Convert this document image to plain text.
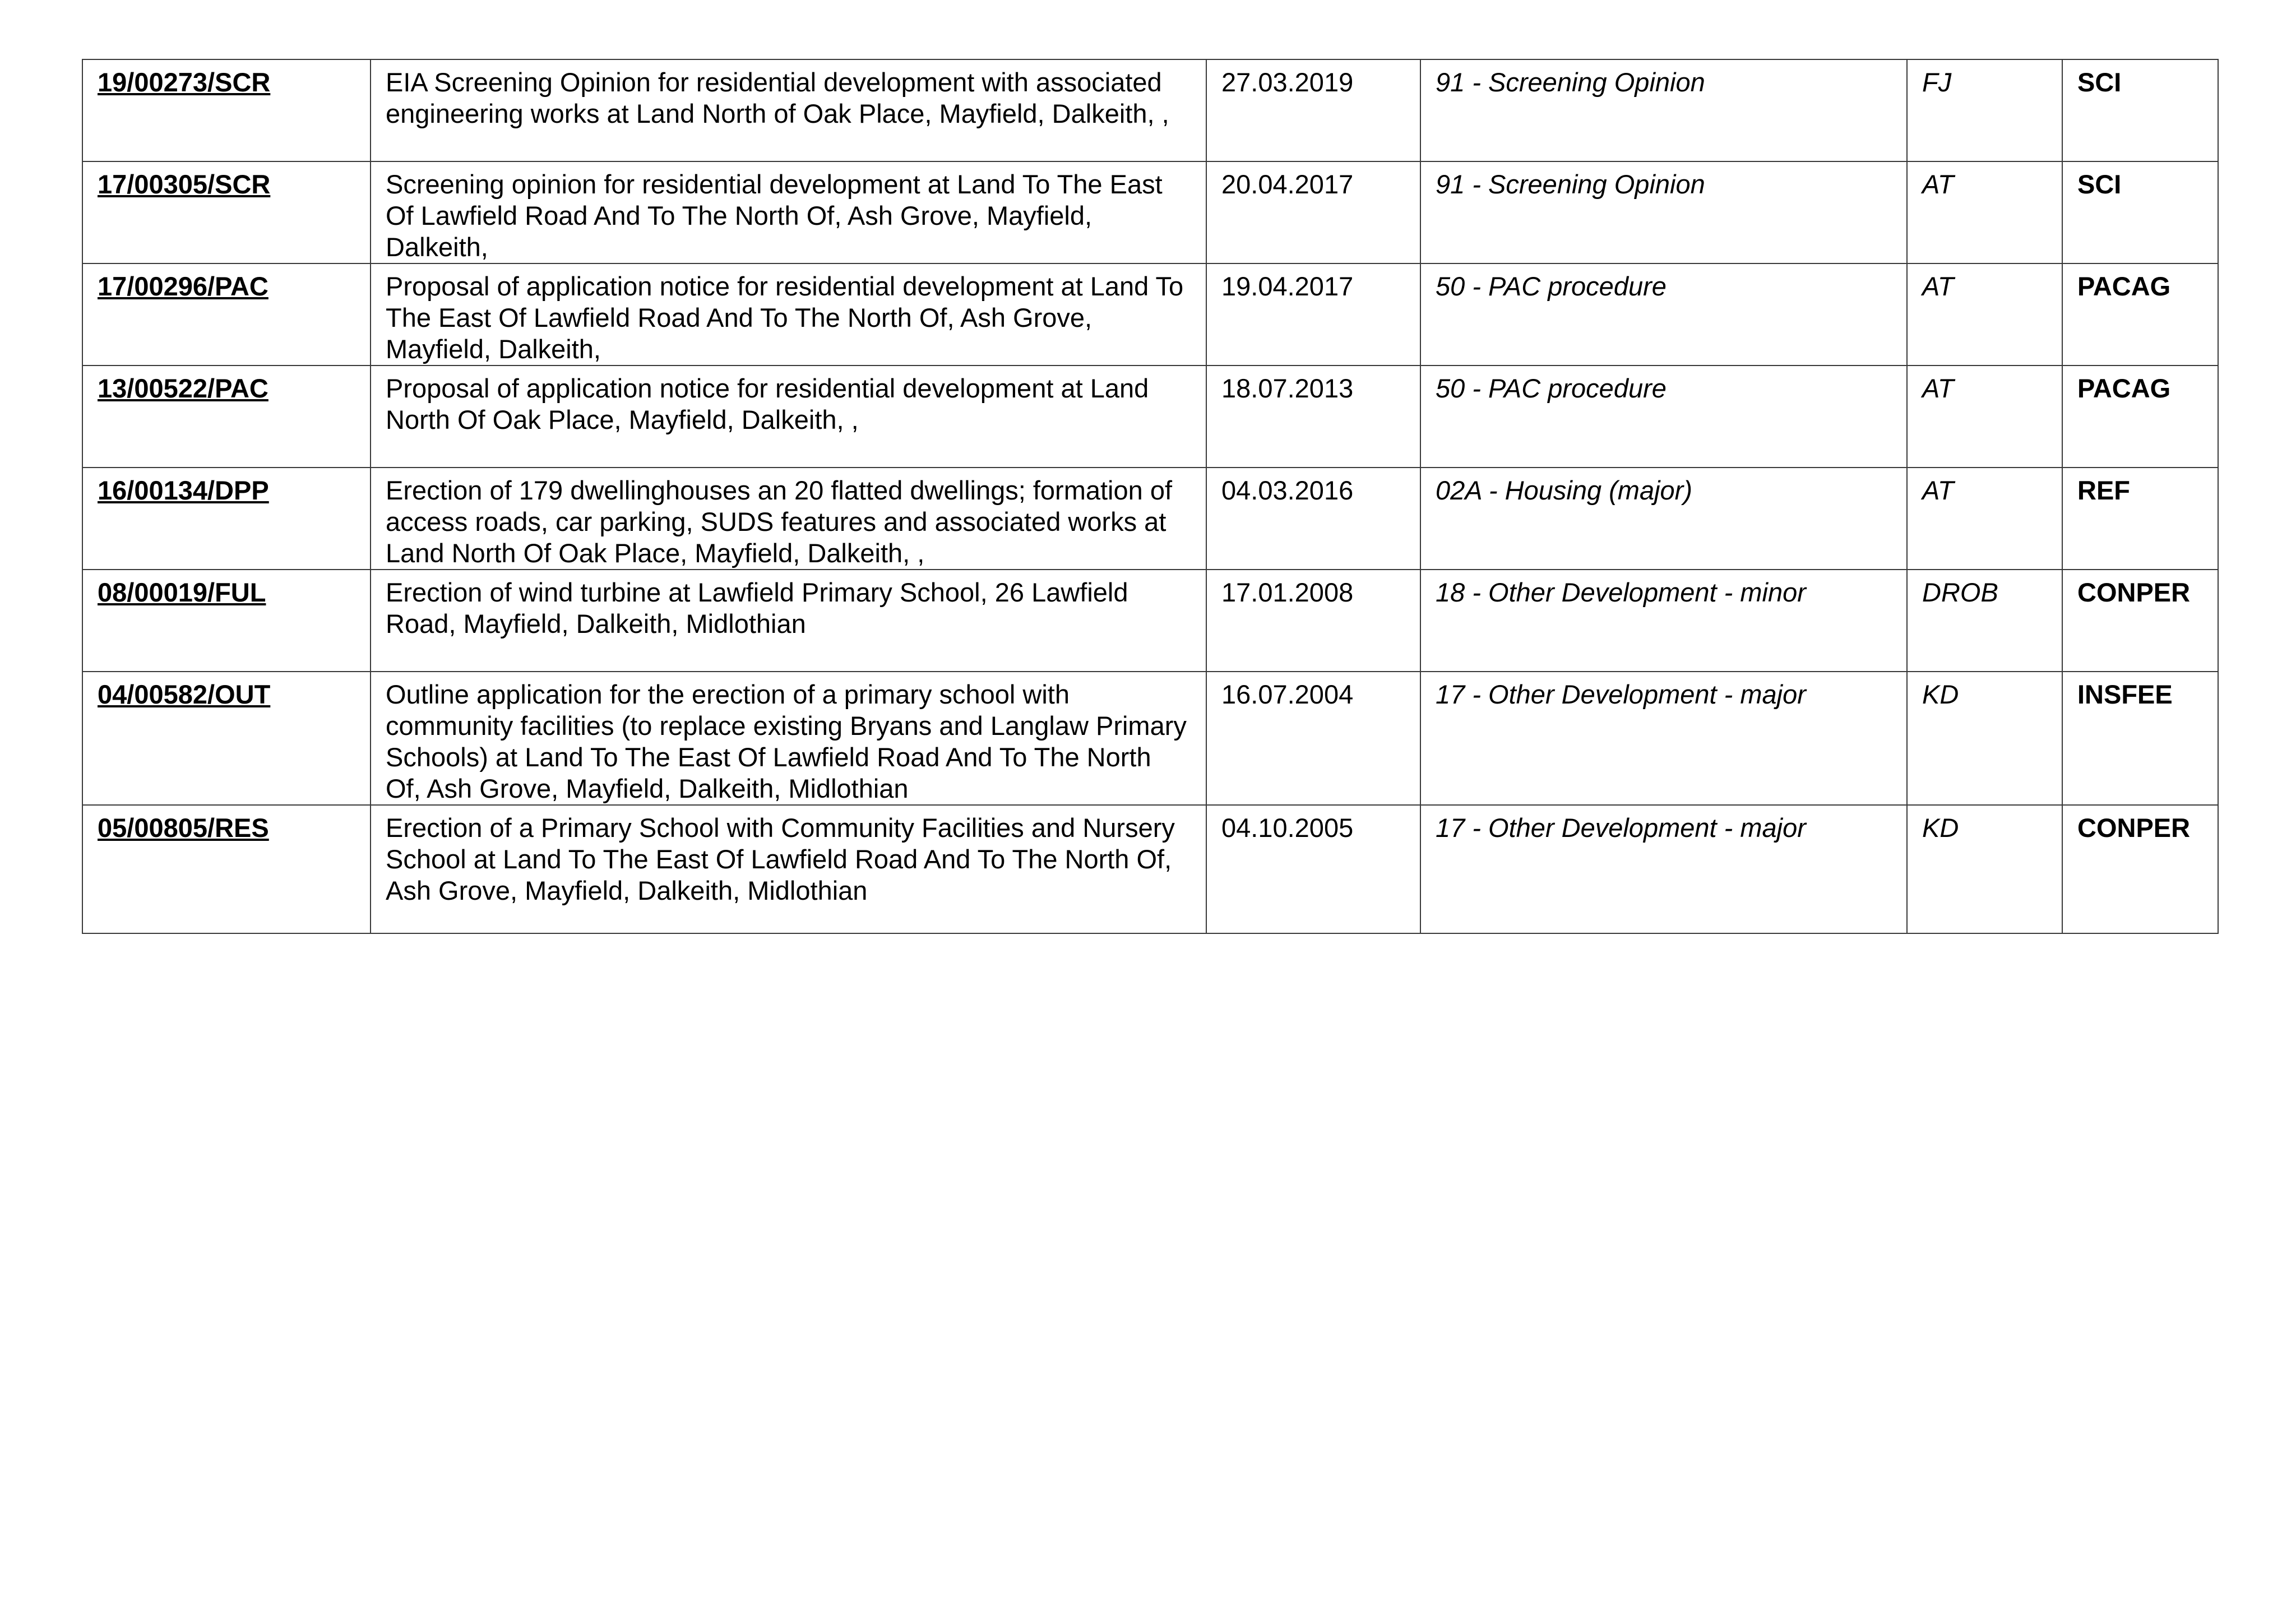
19/00273/SCR	EIA Screening Opinion for residential development with associated engineering works at Land North of Oak Place, Mayfield, Dalkeith, ,	27.03.2019	91 - Screening Opinion	FJ	SCI
17/00305/SCR	Screening opinion for residential development at Land To The East Of Lawfield Road And To The North Of, Ash Grove, Mayfield, Dalkeith,	20.04.2017	91 - Screening Opinion	AT	SCI
17/00296/PAC	Proposal of application notice for residential development at Land To The East Of Lawfield Road And To The North Of, Ash Grove, Mayfield, Dalkeith,	19.04.2017	50 - PAC procedure	AT	PACAG
13/00522/PAC	Proposal of application notice for residential development at Land North Of Oak Place, Mayfield, Dalkeith, ,	18.07.2013	50 - PAC procedure	AT	PACAG
16/00134/DPP	Erection of 179 dwellinghouses an 20 flatted dwellings; formation of access roads, car parking, SUDS features and associated works at Land North Of Oak Place, Mayfield, Dalkeith, ,	04.03.2016	02A - Housing (major)	AT	REF
08/00019/FUL	Erection of wind turbine at Lawfield Primary School, 26 Lawfield Road, Mayfield, Dalkeith, Midlothian	17.01.2008	18 - Other Development - minor	DROB	CONPER
04/00582/OUT	Outline application for the erection of a primary school with community facilities (to replace existing Bryans and Langlaw Primary Schools) at Land To The East Of Lawfield Road And To The North Of, Ash Grove, Mayfield, Dalkeith, Midlothian	16.07.2004	17 - Other Development - major	KD	INSFEE
05/00805/RES	Erection of a Primary School with Community Facilities and Nursery School at Land To The East Of Lawfield Road And To The North Of, Ash Grove, Mayfield, Dalkeith, Midlothian	04.10.2005	17 - Other Development - major	KD	CONPER
